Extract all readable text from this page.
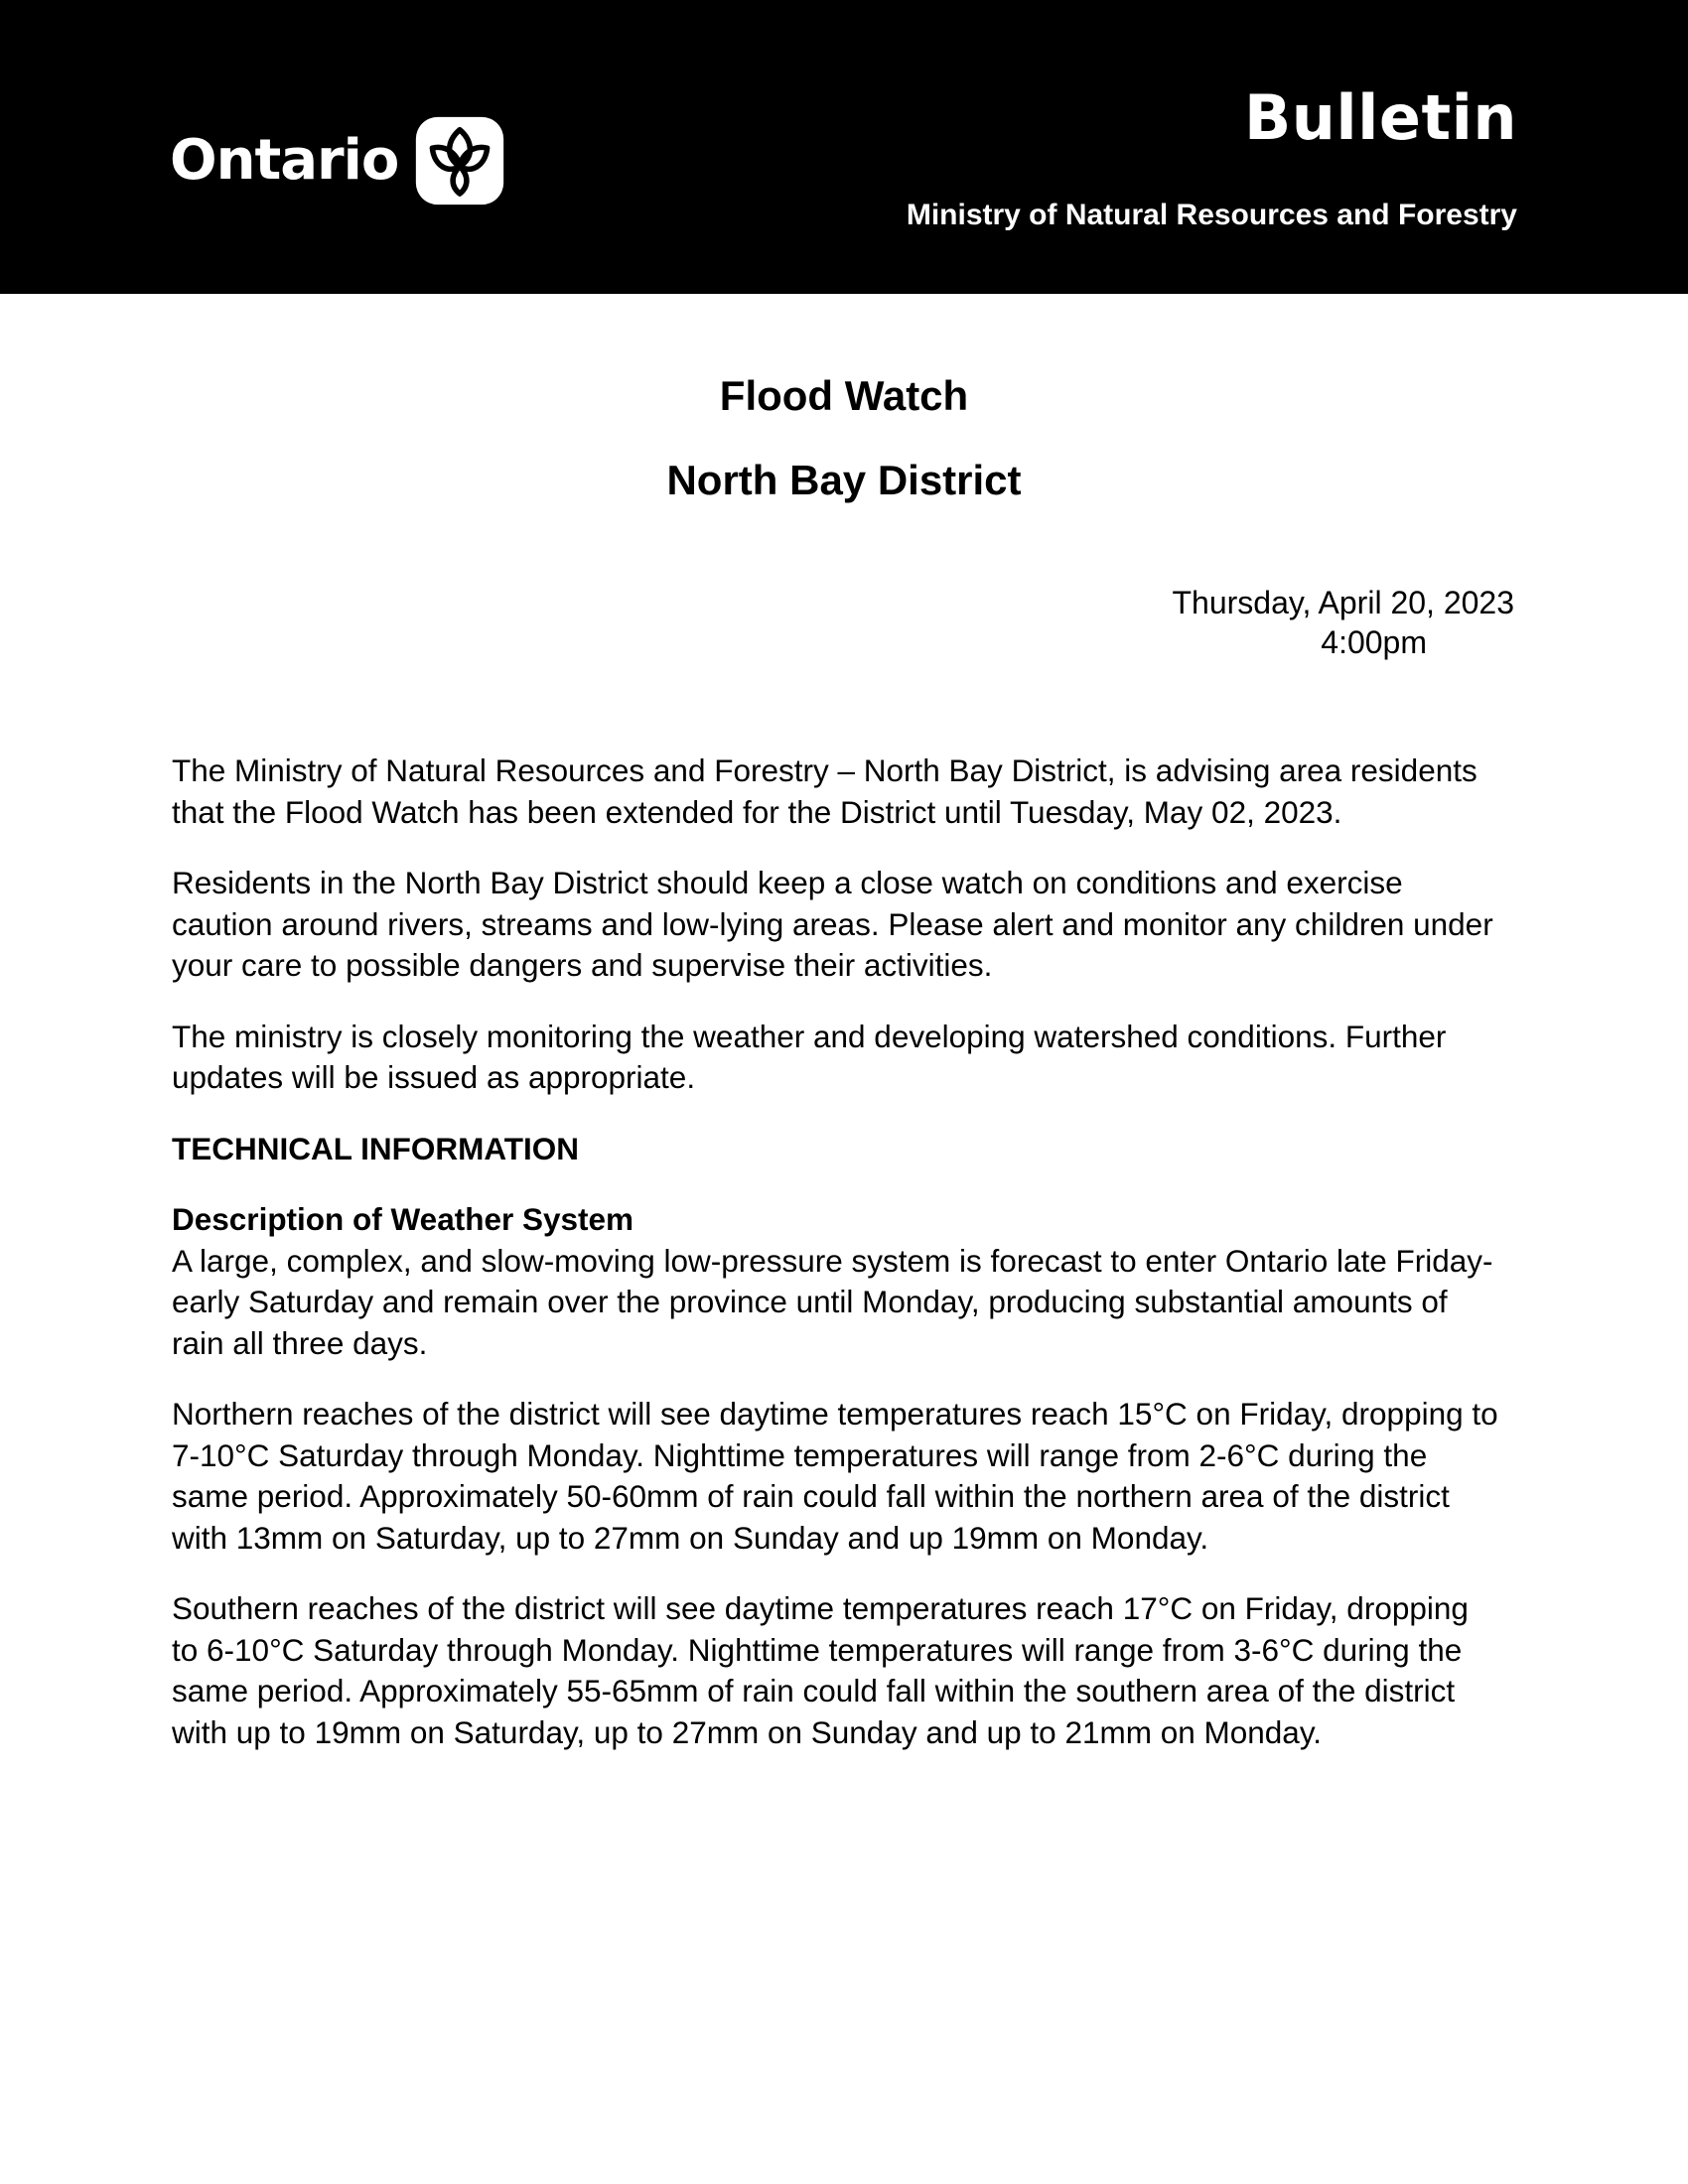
Ontario
Bulletin
Ministry of Natural Resources and Forestry
Flood Watch
North Bay District
Thursday, April 20, 2023
4:00pm

The Ministry of Natural Resources and Forestry – North Bay District, is advising area residents that the Flood Watch has been extended for the District until Tuesday, May 02, 2023.

Residents in the North Bay District should keep a close watch on conditions and exercise caution around rivers, streams and low-lying areas. Please alert and monitor any children under your care to possible dangers and supervise their activities.

The ministry is closely monitoring the weather and developing watershed conditions. Further updates will be issued as appropriate.

TECHNICAL INFORMATION

Description of Weather System
A large, complex, and slow-moving low-pressure system is forecast to enter Ontario late Friday-early Saturday and remain over the province until Monday, producing substantial amounts of rain all three days.

Northern reaches of the district will see daytime temperatures reach 15°C on Friday, dropping to 7-10°C Saturday through Monday. Nighttime temperatures will range from 2-6°C during the same period. Approximately 50-60mm of rain could fall within the northern area of the district with 13mm on Saturday, up to 27mm on Sunday and up 19mm on Monday.

Southern reaches of the district will see daytime temperatures reach 17°C on Friday, dropping to 6-10°C Saturday through Monday. Nighttime temperatures will range from 3-6°C during the same period. Approximately 55-65mm of rain could fall within the southern area of the district with up to 19mm on Saturday, up to 27mm on Sunday and up to 21mm on Monday.
